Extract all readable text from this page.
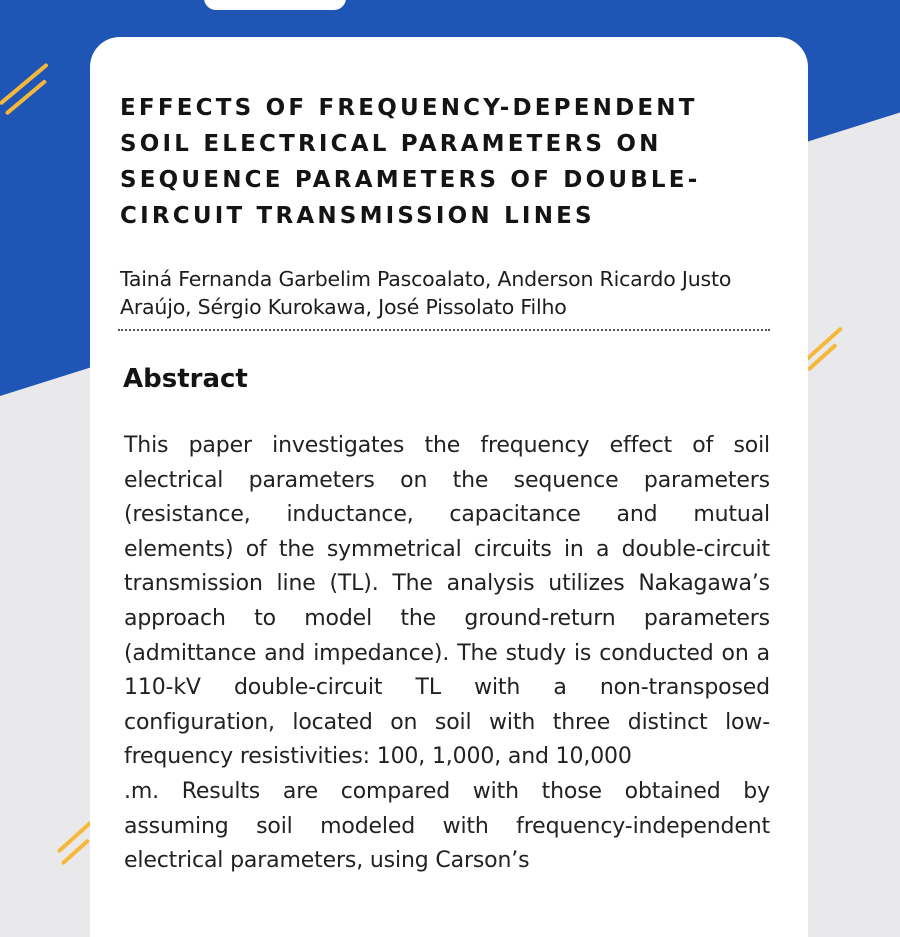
EFFECTS OF FREQUENCY-DEPENDENT SOIL ELECTRICAL PARAMETERS ON SEQUENCE PARAMETERS OF DOUBLE-CIRCUIT TRANSMISSION LINES

Tainá Fernanda Garbelim Pascoalato, Anderson Ricardo Justo Araújo, Sérgio Kurokawa, José Pissolato Filho

Abstract

This paper investigates the frequency effect of soil electrical parameters on the sequence parameters (resistance, inductance, capacitance and mutual elements) of the symmetrical circuits in a double-circuit transmission line (TL). The analysis utilizes Nakagawa’s approach to model the ground-return parameters (admittance and impedance). The study is conducted on a 110-kV double-circuit TL with a non-transposed configuration, located on soil with three distinct low-frequency resistivities: 100, 1,000, and 10,000

.m. Results are compared with those obtained by assuming soil modeled with frequency-independent electrical parameters, using Carson’s
